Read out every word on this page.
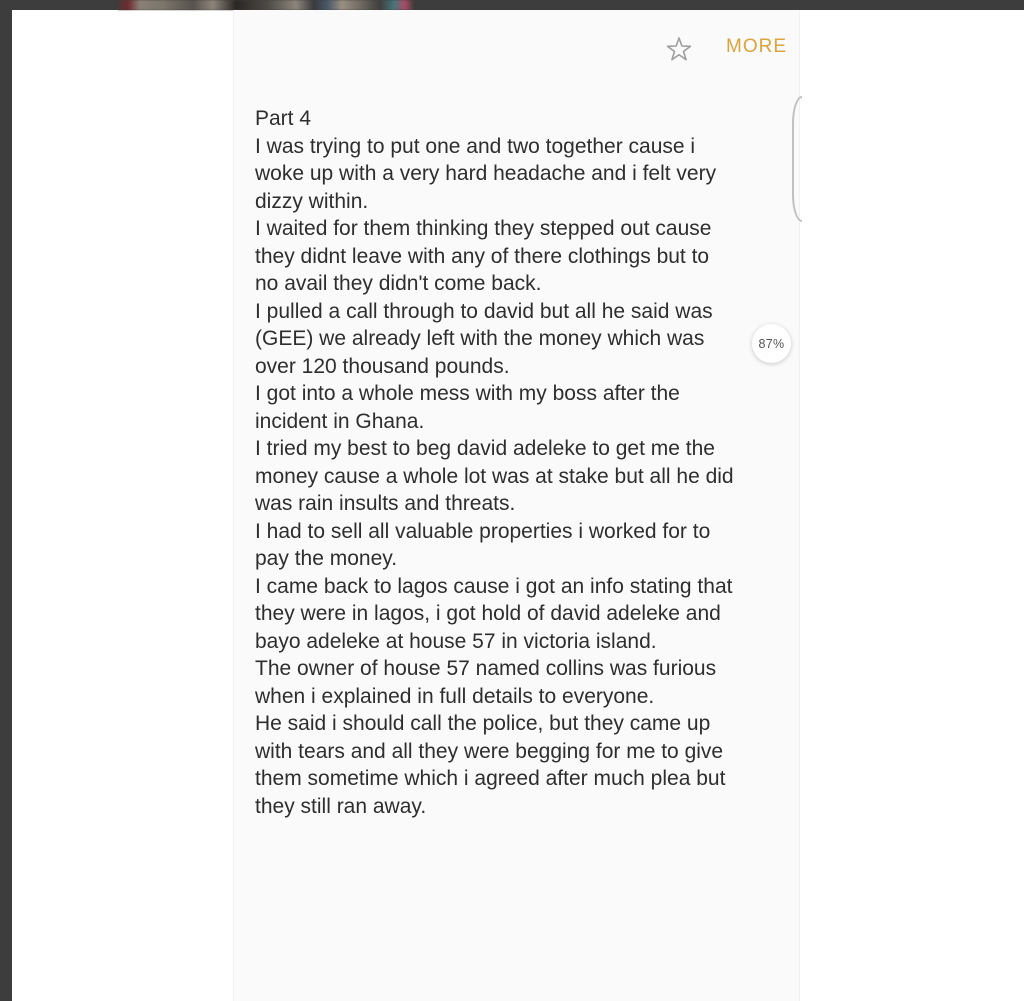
MORE
87%
Part 4
I was trying to put one and two together cause i
woke up with a very hard headache and i felt very
dizzy within.
I waited for them thinking they stepped out cause
they didnt leave with any of there clothings but to
no avail they didn't come back.
I pulled a call through to david but all he said was
(GEE) we already left with the money which was
over 120 thousand pounds.
I got into a whole mess with my boss after the
incident in Ghana.
I tried my best to beg david adeleke to get me the
money cause a whole lot was at stake but all he did
was rain insults and threats.
I had to sell all valuable properties i worked for to
pay the money.
I came back to lagos cause i got an info stating that
they were in lagos, i got hold of david adeleke and
bayo adeleke at house 57 in victoria island.
The owner of house 57 named collins was furious
when i explained in full details to everyone.
He said i should call the police, but they came up
with tears and all they were begging for me to give
them sometime which i agreed after much plea but
they still ran away.
